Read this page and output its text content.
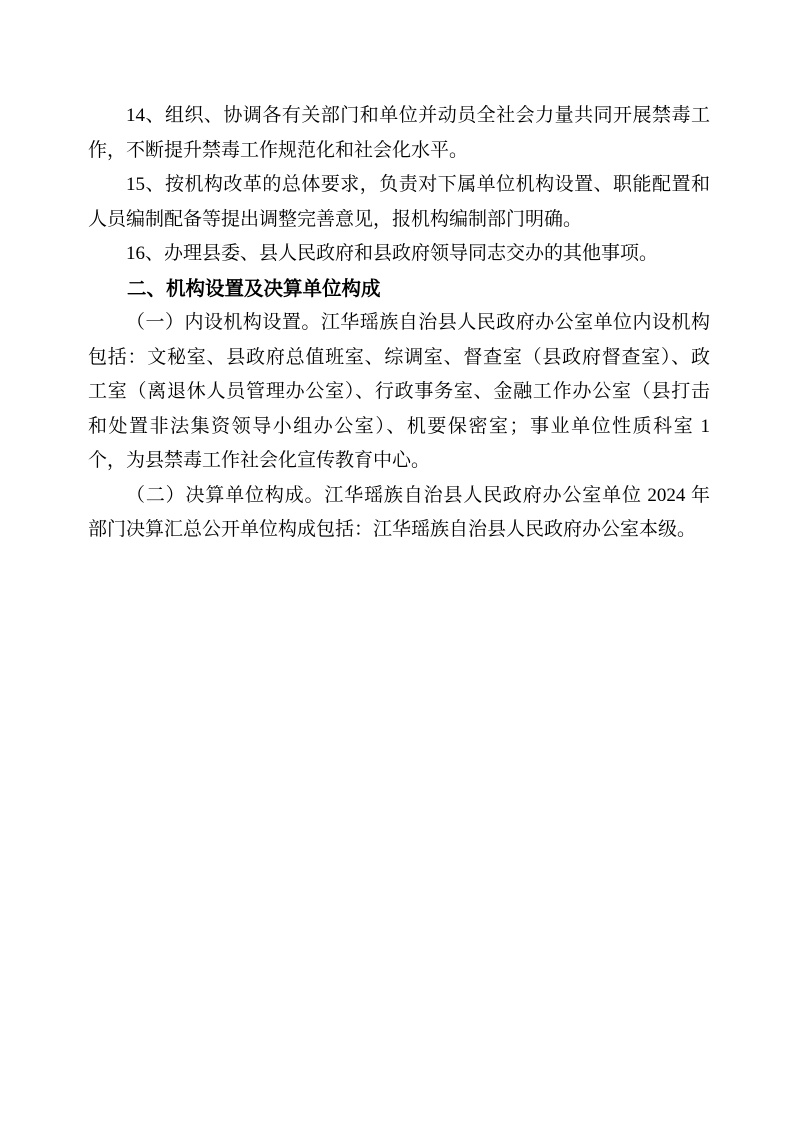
14、组织、协调各有关部门和单位并动员全社会力量共同开展禁毒工
作，不断提升禁毒工作规范化和社会化水平。
15、按机构改革的总体要求，负责对下属单位机构设置、职能配置和
人员编制配备等提出调整完善意见，报机构编制部门明确。
16、办理县委、县人民政府和县政府领导同志交办的其他事项。
二、机构设置及决算单位构成
（一）内设机构设置。江华瑶族自治县人民政府办公室单位内设机构
包括：文秘室、县政府总值班室、综调室、督查室（县政府督查室）、政
工室（离退休人员管理办公室）、行政事务室、金融工作办公室（县打击
和处置非法集资领导小组办公室）、机要保密室；事业单位性质科室 1
个，为县禁毒工作社会化宣传教育中心。
（二）决算单位构成。江华瑶族自治县人民政府办公室单位 2024 年
部门决算汇总公开单位构成包括：江华瑶族自治县人民政府办公室本级。
